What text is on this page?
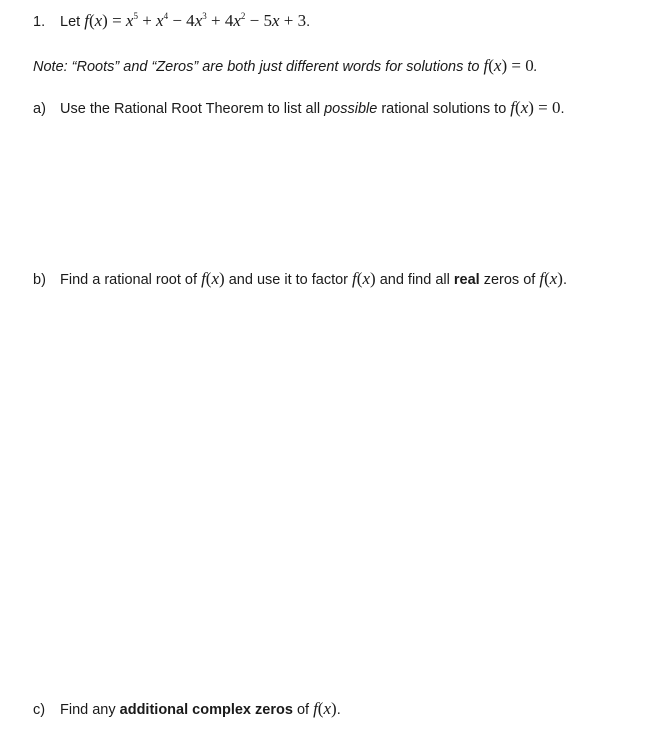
1. Let $f(x) = x^5 + x^4 - 4x^3 + 4x^2 - 5x + 3$.
Note: “Roots” and “Zeros” are both just different words for solutions to f(x) = 0.
a) Use the Rational Root Theorem to list all possible rational solutions to f(x) = 0.
b) Find a rational root of f(x) and use it to factor f(x) and find all real zeros of f(x).
c) Find any additional complex zeros of f(x).
